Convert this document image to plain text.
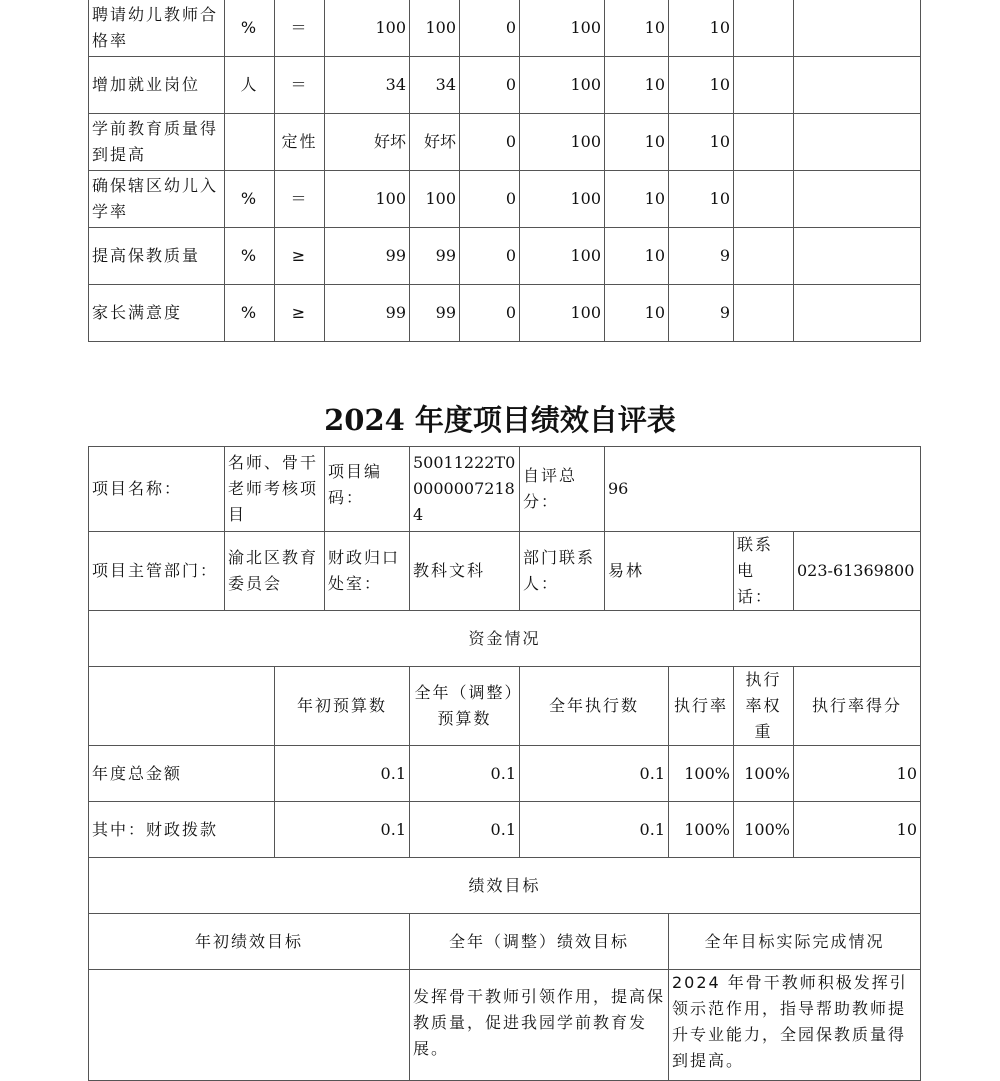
聘请幼儿教师合格率	%	＝	100	100	0	100	10	10		
增加就业岗位	人	＝	34	34	0	100	10	10		
学前教育质量得到提高		定性	好坏	好坏	0	100	10	10		
确保辖区幼儿入学率	%	＝	100	100	0	100	10	10		
提高保教质量	%	≥	99	99	0	100	10	9		
家长满意度	%	≥	99	99	0	100	10	9		
2024 年度项目绩效自评表
项目名称：	名师、骨干老师考核项目		项目编码：	50011222T000000072184	自评总分：	96			
项目主管部门：	渝北区教育委员会		财政归口处室：	教科文科	部门联系人：	易林		联系电话：	023-61369800
资金情况									
		年初预算数		全年（调整）预算数	全年执行数		执行率	执行率权重	执行率得分
年度总金额		0.1		0.1	0.1		100%	100%	10
其中：财政拨款		0.1		0.1	0.1		100%	100%	10
绩效目标									
年初绩效目标				全年（调整）绩效目标			全年目标实际完成情况		
				发挥骨干教师引领作用，提高保教质量，促进我园学前教育发展。			2024 年骨干教师积极发挥引领示范作用，指导帮助教师提升专业能力，全园保教质量得到提高。		
